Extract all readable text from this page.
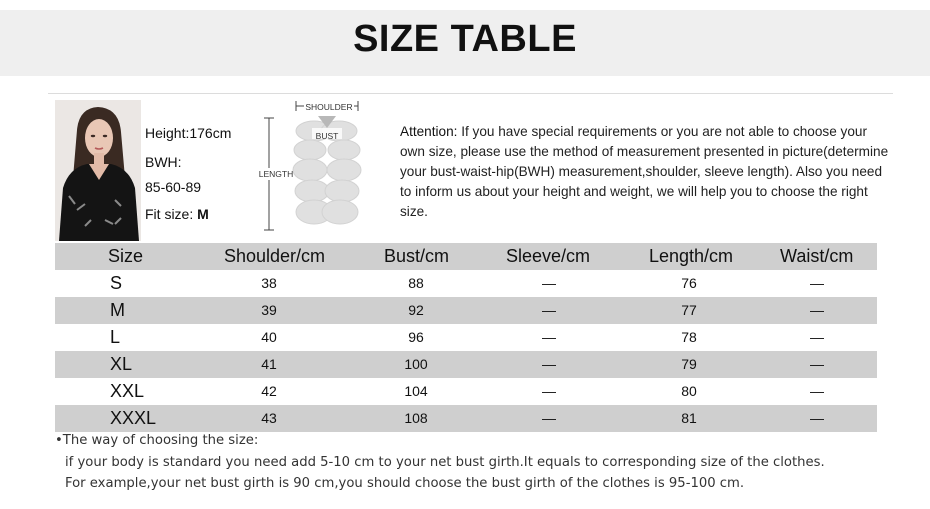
SIZE TABLE
Height:176cm
BWH:
85-60-89
Fit size: M
SHOULDER
BUST
LENGTH
Attention: If you have special requirements or you are not able to choose your own size, please use the method of measurement presented in picture(determine your bust-waist-hip(BWH) measurement,shoulder, sleeve length). Also you need to inform us about your height and weight, we will help you to choose the right size.
Size	Shoulder/cm	Bust/cm	Sleeve/cm	Length/cm	Waist/cm
S	38	88	—	76	—
M	39	92	—	77	—
L	40	96	—	78	—
XL	41	100	—	79	—
XXL	42	104	—	80	—
XXXL	43	108	—	81	—
•The way of choosing the size:
if your body is standard you need add 5-10 cm to your net bust girth.It equals to corresponding size of the clothes.
For example,your net bust girth is 90 cm,you should choose the bust girth of the clothes is 95-100 cm.
